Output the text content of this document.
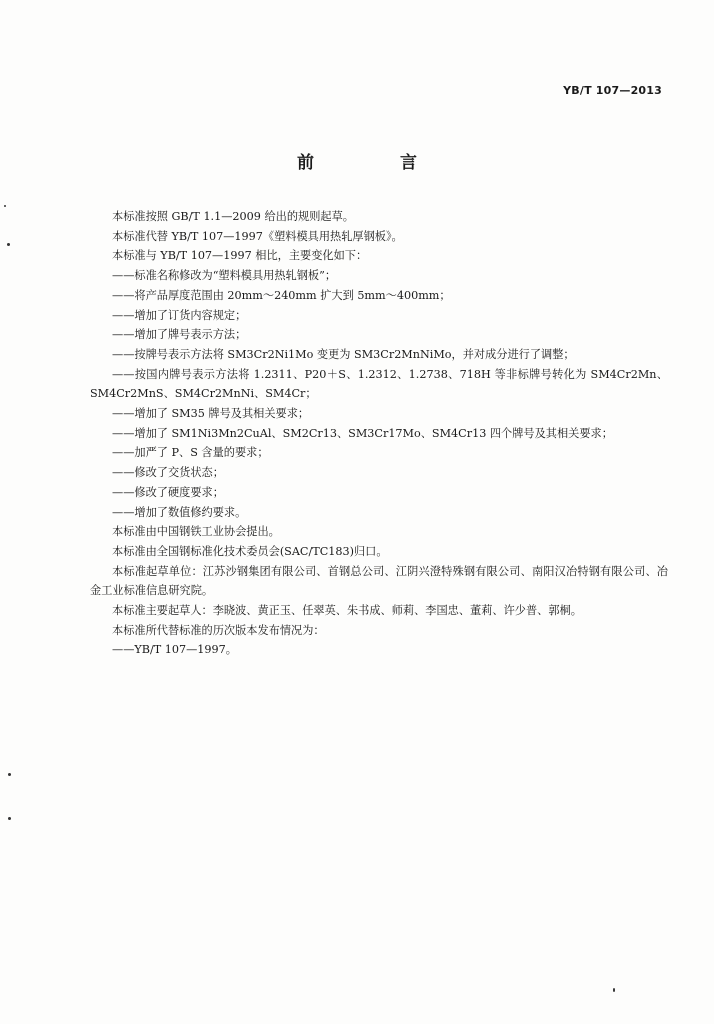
YB/T 107—2013
前 言

本标准按照 GB/T 1.1—2009 给出的规则起草。

本标准代替 YB/T 107—1997《塑料模具用热轧厚钢板》。

本标准与 YB/T 107—1997 相比，主要变化如下：

——标准名称修改为“塑料模具用热轧钢板”；

——将产品厚度范围由 20mm～240mm 扩大到 5mm～400mm；

——增加了订货内容规定；

——增加了牌号表示方法；

——按牌号表示方法将 SM3Cr2Ni1Mo 变更为 SM3Cr2MnNiMo，并对成分进行了调整；

——按国内牌号表示方法将 1.2311、P20＋S、1.2312、1.2738、718H 等非标牌号转化为 SM4Cr2Mn、SM4Cr2MnS、SM4Cr2MnNi、SM4Cr；

——增加了 SM35 牌号及其相关要求；

——增加了 SM1Ni3Mn2CuAl、SM2Cr13、SM3Cr17Mo、SM4Cr13 四个牌号及其相关要求；

——加严了 P、S 含量的要求；

——修改了交货状态；

——修改了硬度要求；

——增加了数值修约要求。

本标准由中国钢铁工业协会提出。

本标准由全国钢标准化技术委员会(SAC/TC183)归口。

本标准起草单位：江苏沙钢集团有限公司、首钢总公司、江阴兴澄特殊钢有限公司、南阳汉冶特钢有限公司、冶金工业标准信息研究院。

本标准主要起草人：李晓波、黄正玉、任翠英、朱书成、师莉、李国忠、董莉、许少普、郭桐。

本标准所代替标准的历次版本发布情况为：

——YB/T 107—1997。
